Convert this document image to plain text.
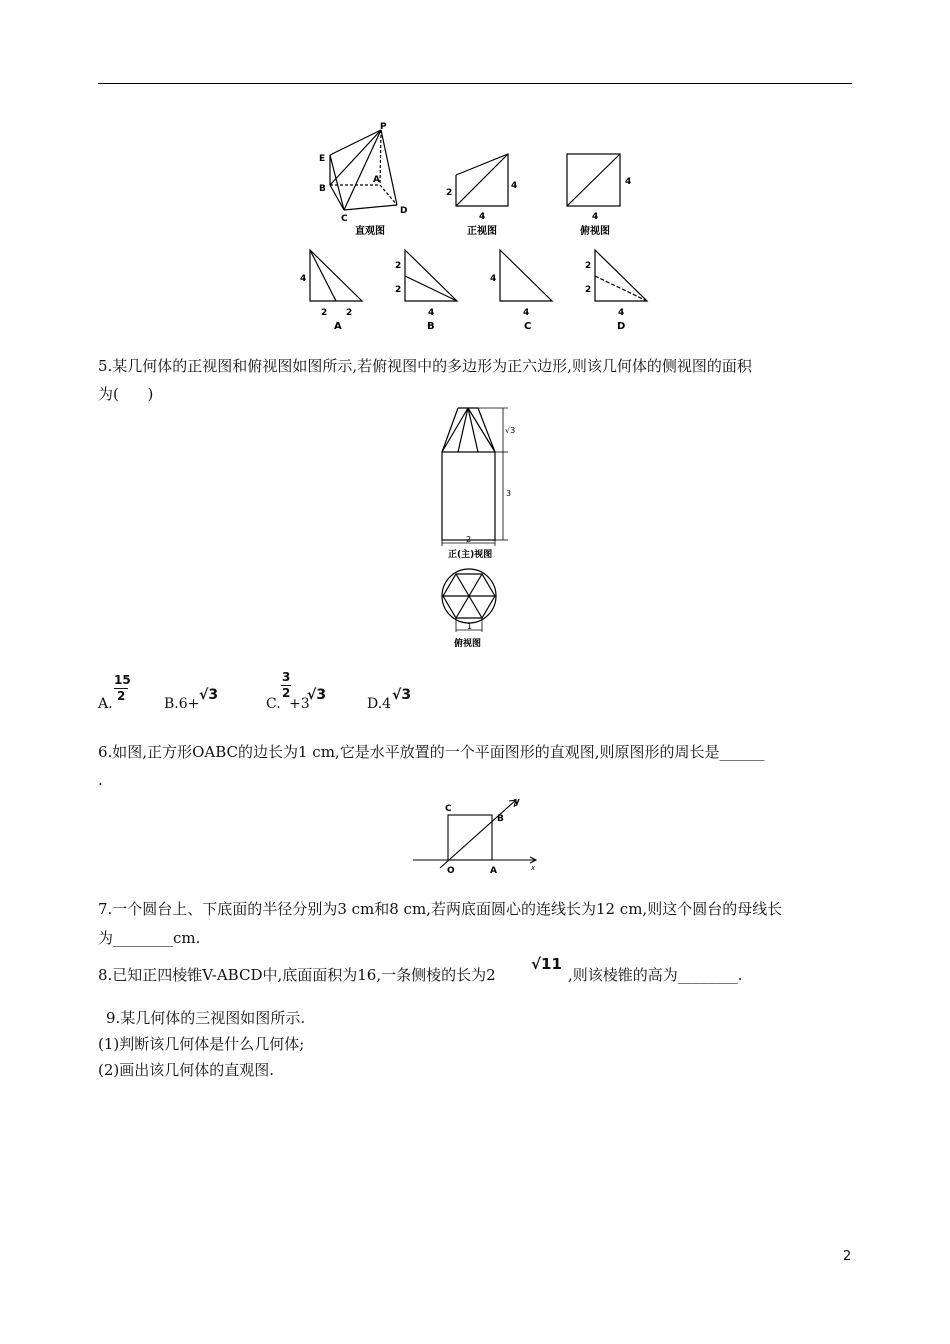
P
E
B
A
C
D
直观图
2
4
4
正视图
4
4
俯视图
4
2 2
A
2
2
4
B
4
4
C
2
2
4
D
5.某几何体的正视图和俯视图如图所示,若俯视图中的多边形为正六边形,则该几何体的侧视图的面积
为(      )
√3
3
2
正(主)视图
1
俯视图
A.
15
2	B.6+
√3
C.
3
2
+3
√3
D.4
√3
6.如图,正方形OABC的边长为1 cm,它是水平放置的一个平面图形的直观图,则原图形的周长是______
.
C
B
y
O	A	x
7.一个圆台上、下底面的半径分别为3 cm和8 cm,若两底面圆心的连线长为12 cm,则这个圆台的母线长
为________cm.
8.已知正四棱锥V-ABCD中,底面面积为16,一条侧棱的长为2
√11
,则该棱锥的高为________.
9.某几何体的三视图如图所示.
(1)判断该几何体是什么几何体;
(2)画出该几何体的直观图.
2
